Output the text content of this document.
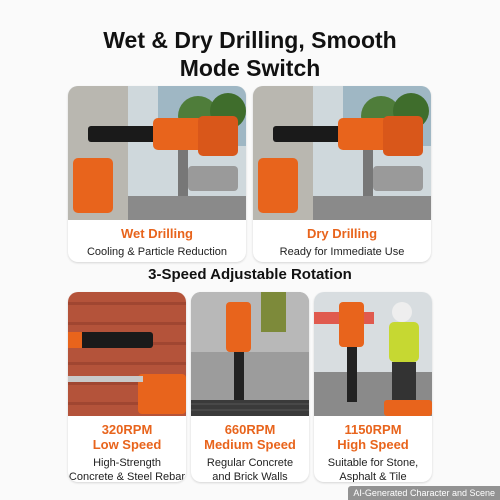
Wet & Dry Drilling, Smooth
Mode Switch
Wet Drilling
Cooling & Particle Reduction
Dry Drilling
Ready for Immediate Use
3-Speed Adjustable Rotation
320RPM
Low Speed
High-Strength
Concrete & Steel Rebar
660RPM
Medium Speed
Regular Concrete
and Brick Walls
1150RPM
High Speed
Suitable for Stone,
Asphalt & Tile
AI-Generated Character and Scene
